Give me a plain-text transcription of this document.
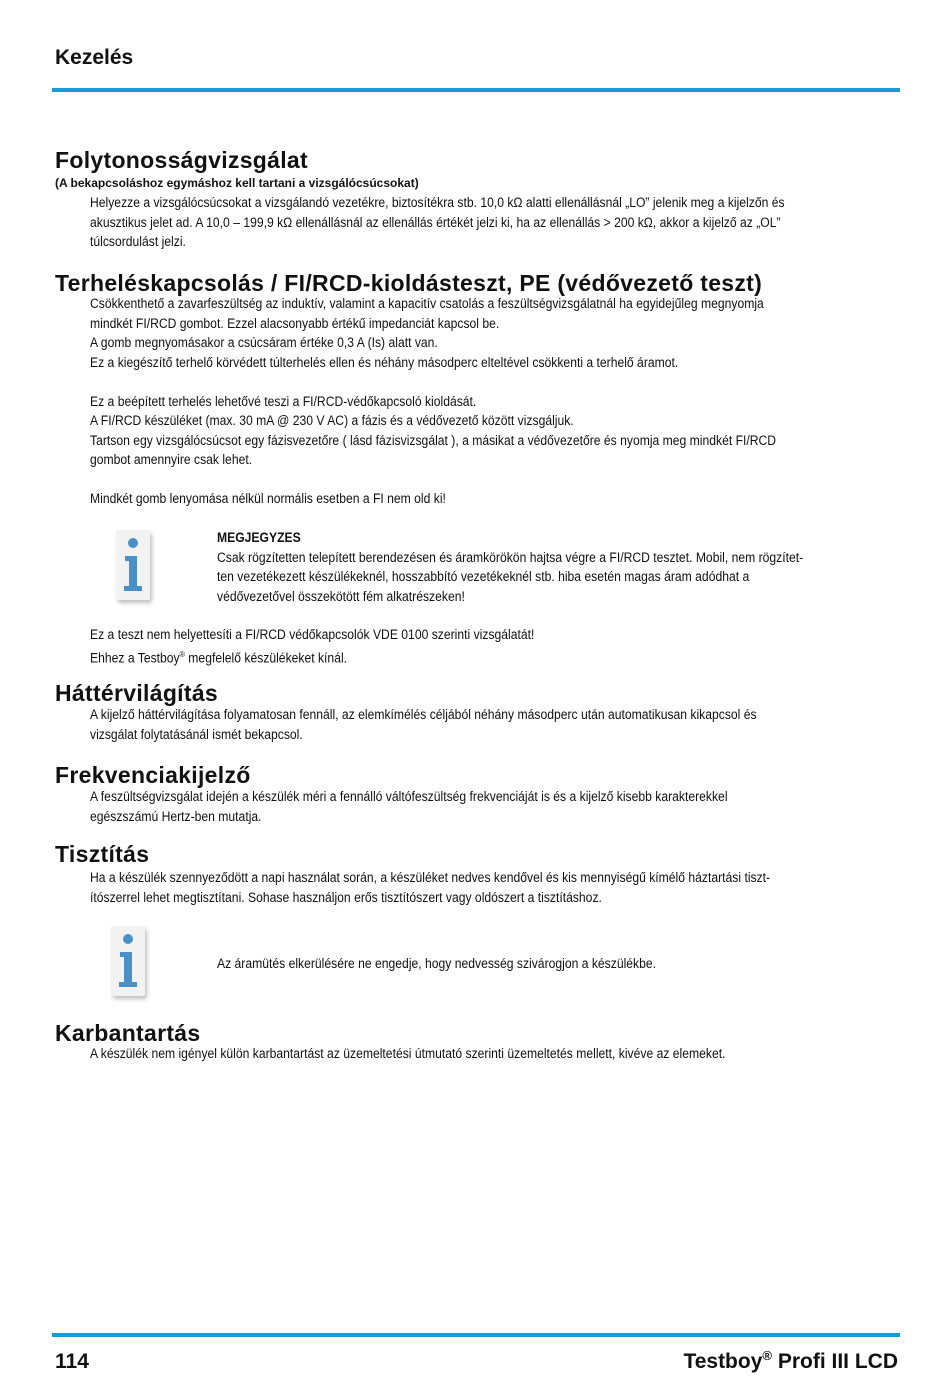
Kezelés
Folytonosságvizsgálat
(A bekapcsoláshoz egymáshoz kell tartani a vizsgálócsúcsokat)

Helyezze a vizsgálócsúcsokat a vizsgálandó vezetékre, biztosítékra stb. 10,0 kΩ alatti ellenállásnál „LO” jelenik meg a kijelzőn és

akusztikus jelet ad. A 10,0 – 199,9 kΩ ellenállásnál az ellenállás értékét jelzi ki, ha az ellenállás > 200 kΩ, akkor a kijelző az „OL”

túlcsordulást jelzi.

Terheléskapcsolás / FI/RCD-kioldásteszt, PE (védővezető teszt)

Csökkenthető a zavarfeszültség az induktív, valamint a kapacitív csatolás a feszültségvizsgálatnál ha egyidejűleg megnyomja

mindkét FI/RCD gombot. Ezzel alacsonyabb értékű impedanciát kapcsol be.

A gomb megnyomásakor a csúcsáram értéke 0,3 A (Is) alatt van.

Ez a kiegészítő terhelő körvédett túlterhelés ellen és néhány másodperc elteltével csökkenti a terhelő áramot.

Ez a beépített terhelés lehetővé teszi a FI/RCD-védőkapcsoló kioldását.

A FI/RCD készüléket (max. 30 mA @ 230 V AC) a fázis és a védővezető között vizsgáljuk.

Tartson egy vizsgálócsúcsot egy fázisvezetőre ( lásd fázisvizsgálat ), a másikat a védővezetőre és nyomja meg mindkét FI/RCD

gombot amennyire csak lehet.

Mindkét gomb lenyomása nélkül normális esetben a FI nem old ki!

MEGJEGYZES

Csak rögzítetten telepített berendezésen és áramkörökön hajtsa végre a FI/RCD tesztet. Mobil, nem rögzítet-

ten vezetékezett készülékeknél, hosszabbító vezetékeknél stb. hiba esetén magas áram adódhat a

védővezetővel összekötött fém alkatrészeken!

Ez a teszt nem helyettesíti a FI/RCD védőkapcsolók VDE 0100 szerinti vizsgálatát!

Ehhez a Testboy® megfelelő készülékeket kínál.

Háttérvilágítás

A kijelző háttérvilágítása folyamatosan fennáll, az elemkímélés céljából néhány másodperc után automatikusan kikapcsol és

vizsgálat folytatásánál ismét bekapcsol.

Frekvenciakijelző

A feszültségvizsgálat idején a készülék méri a fennálló váltófeszültség frekvenciáját is és a kijelző kisebb karakterekkel

egészszámú Hertz-ben mutatja.

Tisztítás

Ha a készülék szennyeződött a napi használat során, a készüléket nedves kendővel és kis mennyiségű kímélő háztartási tiszt-

ítószerrel lehet megtisztítani. Sohase használjon erős tisztítószert vagy oldószert a tisztításhoz.

Az áramütés elkerülésére ne engedje, hogy nedvesség szivárogjon a készülékbe.

Karbantartás

A készülék nem igényel külön karbantartást az üzemeltetési útmutató szerinti üzemeltetés mellett, kivéve az elemeket.

114	Testboy® Profi III LCD
